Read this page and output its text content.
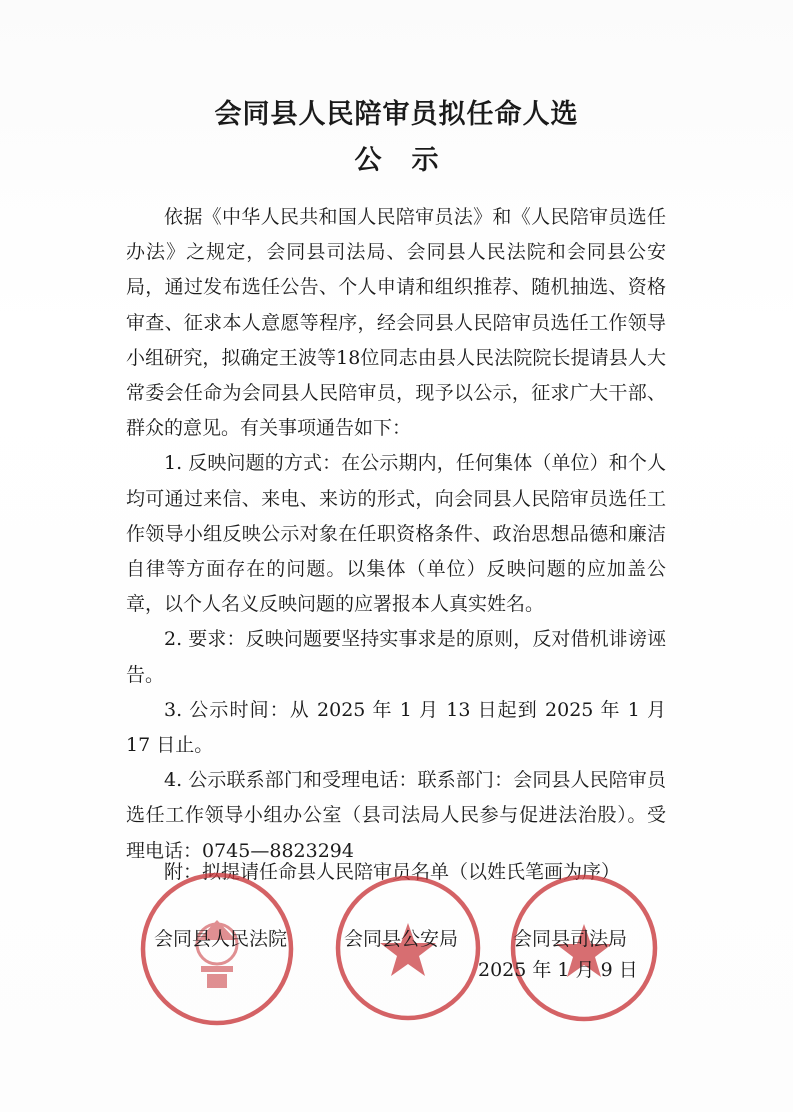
会同县人民陪审员拟任命人选
公示

依据《中华人民共和国人民陪审员法》和《人民陪审员选任办法》之规定，会同县司法局、会同县人民法院和会同县公安局，通过发布选任公告、个人申请和组织推荐、随机抽选、资格审查、征求本人意愿等程序，经会同县人民陪审员选任工作领导小组研究，拟确定王波等18位同志由县人民法院院长提请县人大常委会任命为会同县人民陪审员，现予以公示，征求广大干部、群众的意见。有关事项通告如下：

1. 反映问题的方式：在公示期内，任何集体（单位）和个人均可通过来信、来电、来访的形式，向会同县人民陪审员选任工作领导小组反映公示对象在任职资格条件、政治思想品德和廉洁自律等方面存在的问题。以集体（单位）反映问题的应加盖公章，以个人名义反映问题的应署报本人真实姓名。

2. 要求：反映问题要坚持实事求是的原则，反对借机诽谤诬告。

3. 公示时间：从 2025 年 1 月 13 日起到 2025 年 1 月 17 日止。

4. 公示联系部门和受理电话：联系部门：会同县人民陪审员选任工作领导小组办公室（县司法局人民参与促进法治股）。受理电话：0745—8823294

附：拟提请任命县人民陪审员名单（以姓氏笔画为序）
会同县人民法院	会同县公安局	会同县司法局
2025 年 1 月 9 日
